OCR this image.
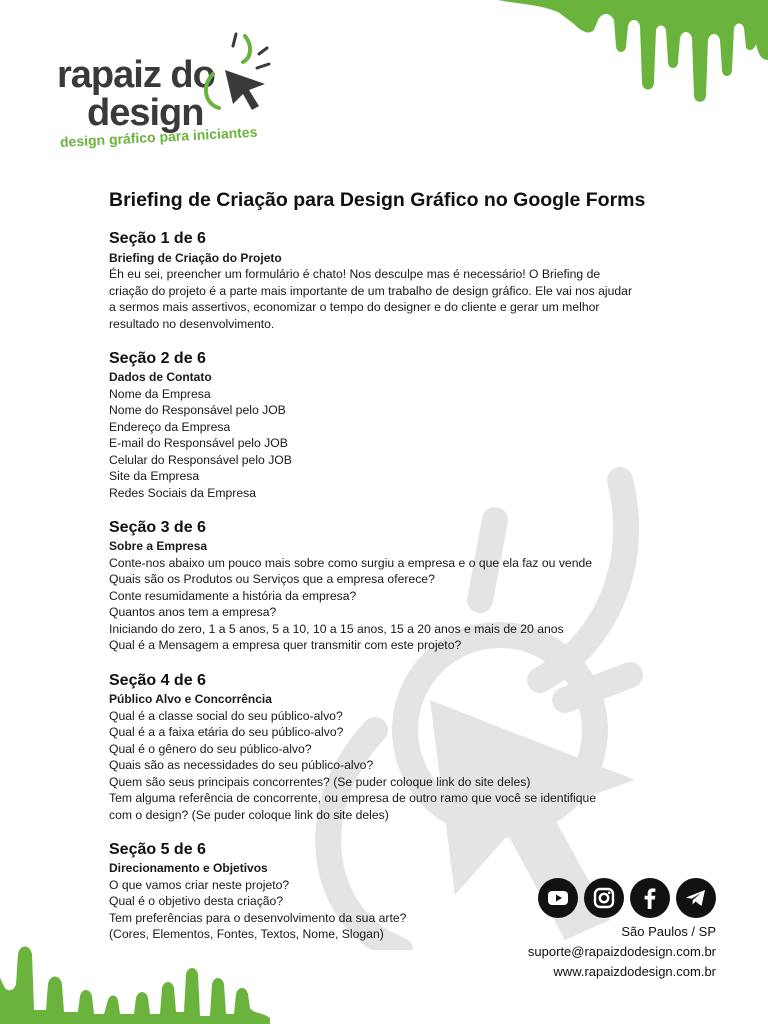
rapaiz do
design
design gráfico para iniciantes
Briefing de Criação para Design Gráfico no Google Forms
Seção 1 de 6
Briefing de Criação do Projeto
Éh eu sei, preencher um formulário é chato! Nos desculpe mas é necessário! O Briefing de criação do projeto é a parte mais importante de um trabalho de design gráfico. Ele vai nos ajudar a sermos mais assertivos, economizar o tempo do designer e do cliente e gerar um melhor resultado no desenvolvimento.
Seção 2 de 6
Dados de Contato
Nome da Empresa
Nome do Responsável pelo JOB
Endereço da Empresa
E-mail do Responsável pelo JOB
Celular do Responsável pelo JOB
Site da Empresa
Redes Sociais da Empresa
Seção 3 de 6
Sobre a Empresa
Conte-nos abaixo um pouco mais sobre como surgiu a empresa e o que ela faz ou vende
Quais são os Produtos ou Serviços que a empresa oferece?
Conte resumidamente a história da empresa?
Quantos anos tem a empresa?
Iniciando do zero, 1 a 5 anos, 5 a 10, 10 a 15 anos, 15 a 20 anos e mais de 20 anos
Qual é a Mensagem a empresa quer transmitir com este projeto?
Seção 4 de 6
Público Alvo e Concorrência
Qual é a classe social do seu público-alvo?
Qual é a a faixa etária do seu público-alvo?
Qual é o gênero do seu público-alvo?
Quais são as necessidades do seu público-alvo?
Quem são seus principais concorrentes? (Se puder coloque link do site deles)
Tem alguma referência de concorrente, ou empresa de outro ramo que você se identifique
com o design? (Se puder coloque link do site deles)
Seção 5 de 6
Direcionamento e Objetivos
O que vamos criar neste projeto?
Qual é o objetivo desta criação?
Tem preferências para o desenvolvimento da sua arte?
(Cores, Elementos, Fontes, Textos, Nome, Slogan)	São Paulos / SP
suporte@rapaizdodesign.com.br
www.rapaizdodesign.com.br
